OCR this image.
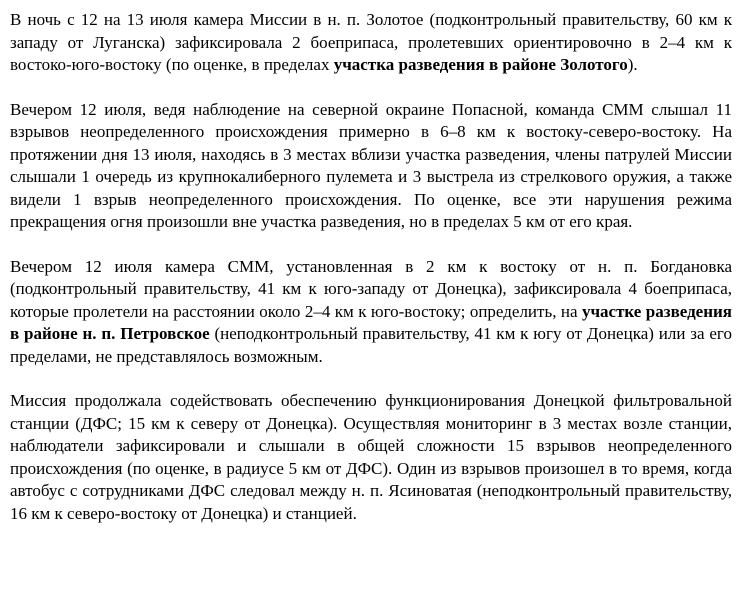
В ночь с 12 на 13 июля камера Миссии в н. п. Золотое (подконтрольный правительству, 60 км к западу от Луганска) зафиксировала 2 боеприпаса, пролетевших ориентировочно в 2–4 км к востоко-юго-востоку (по оценке, в пределах участка разведения в районе Золотого).

Вечером 12 июля, ведя наблюдение на северной окраине Попасной, команда СММ слышал 11 взрывов неопределенного происхождения примерно в 6–8 км к востоку-северо-востоку. На протяжении дня 13 июля, находясь в 3 местах вблизи участка разведения, члены патрулей Миссии слышали 1 очередь из крупнокалиберного пулемета и 3 выстрела из стрелкового оружия, а также видели 1 взрыв неопределенного происхождения. По оценке, все эти нарушения режима прекращения огня произошли вне участка разведения, но в пределах 5 км от его края.

Вечером 12 июля камера СММ, установленная в 2 км к востоку от н. п. Богдановка (подконтрольный правительству, 41 км к юго-западу от Донецка), зафиксировала 4 боеприпаса, которые пролетели на расстоянии около 2–4 км к юго-востоку; определить, на участке разведения в районе н. п. Петровское (неподконтрольный правительству, 41 км к югу от Донецка) или за его пределами, не представлялось возможным.

Миссия продолжала содействовать обеспечению функционирования Донецкой фильтровальной станции (ДФС; 15 км к северу от Донецка). Осуществляя мониторинг в 3 местах возле станции, наблюдатели зафиксировали и слышали в общей сложности 15 взрывов неопределенного происхождения (по оценке, в радиусе 5 км от ДФС). Один из взрывов произошел в то время, когда автобус с сотрудниками ДФС следовал между н. п. Ясиноватая (неподконтрольный правительству, 16 км к северо-востоку от Донецка) и станцией.
